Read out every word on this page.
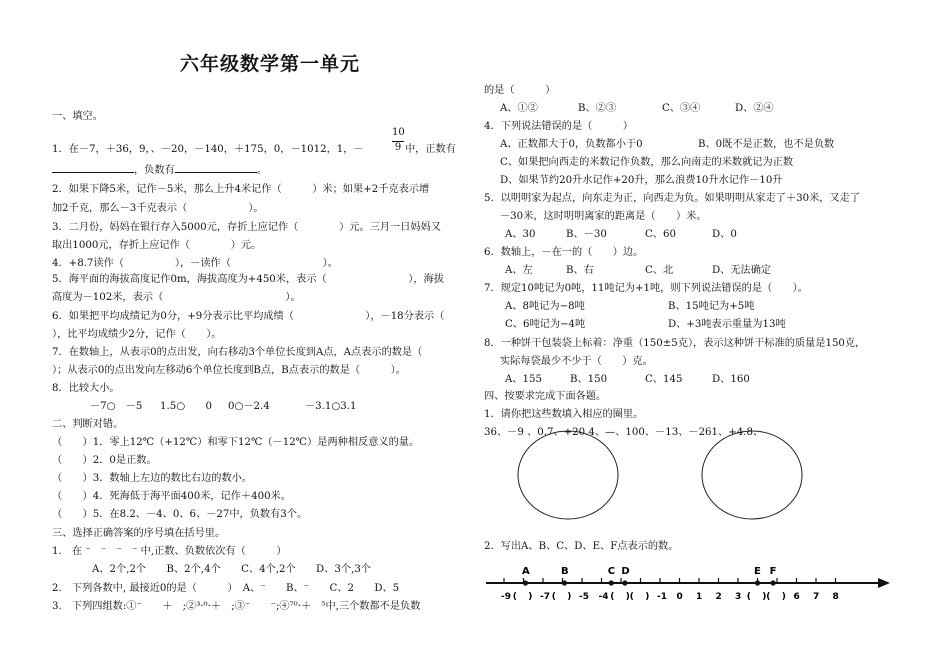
六年级数学第一单元
一、填空。
1．在－7，＋36，9，、－20，－140，＋175，0，－1012，1，－
10
9 中，正数有
，负数有	。
2．如果下降5米，记作－5米，那么上升4米记作（　　　）米；如果+2千克表示增
加2千克，那么－3千克表示（　　　　　　）。
3．二月份，妈妈在银行存入5000元，存折上应记作（　　　　）元。三月一日妈妈又
取出1000元，存折上应记作（　　　　）元。
4．+8.7读作（　　　　　），－读作（　　　　　　　　　）。
5．海平面的海拔高度记作0m，海拔高度为+450米，表示（　　　　　　　　），海拔
高度为－102米，表示（　　　　　　　　　　　　）。
6．如果把平均成绩记为0分，+9分表示比平均成绩（　　　　　　　），－18分表示（
），比平均成绩少2分，记作（　　）。
7．在数轴上，从表示0的点出发，向右移动3个单位长度到A点，A点表示的数是（
）；从表示0的点出发向左移动6个单位长度到B点，B点表示的数是（　　　）。
8．比较大小。
－7○　－5 1.5○　　0 0○－2.4	－3.1○3.1
二、判断对错。
（　　）1．零上12℃（+12℃）和零下12℃（－12℃）是两种相反意义的量。
（　　）2．0是正数。
（　　）3．数轴上左边的数比右边的数小。
（　　）4．死海低于海平面400米，记作＋400米。
（　　）5．在8.2、－4、0、6、－27中，负数有3个。
三、选择正确答案的序号填在括号里。
1.　在 ⁻　⁻　⁻　⁻ 中,正数、负数依次有（　　　）
A、2个,2个　　B、2个,4个　　C、4个,2个　　D、3个,3个
2.　下列各数中, 最接近0的是（　　　）　A、⁻　　B、⁻　　C、2　　D、5
3.　下列四组数:①⁻　　＋　;②³·⁰·＋　;③⁻　　⁻;④⁷⁰·＋　⁵中,三个数都不是负数
的是（　　　）
A、①②	B、②③	C、③④	D、②④
4．下列说法错误的是（　　　）
A、正数都大于0，负数都小于0	B、0既不是正数，也不是负数
C、如果把向西走的米数记作负数，那么向南走的米数就记为正数
D、如果节约20升水记作+20升，那么浪费10升水记作－10升
5．以明明家为起点，向东走为正，向西走为负。如果明明从家走了＋30米，又走了
－30米，这时明明离家的距离是（　　）米。
A、30	B、－30	C、60	D、0
6．数轴上，－在一的（　　）边。
A、左	B、右	C、北	D、无法确定
7．规定10吨记为0吨，11吨记为+1吨，则下列说法错误的是（　　）。
A、8吨记为−8吨	B、15吨记为+5吨
C、6吨记为−4吨	D、+3吨表示重量为13吨
8．一种饼干包装袋上标着：净重（150±5克），表示这种饼干标准的质量是150克，
实际每袋最少不少于（　　）克。
A、155	B、150	C、145	D、160
四、按要求完成下面各题。
1．请你把这些数填入相应的圈里。
36、－9 、0.7、+20.4、—、100、－13、－261、+4.8、
2．写出A、B、C、D、E、F点表示的数。
-9 ( ) -7 ( ) -5 -4 ( ) ( ) -1 0 1 2 3 ( ) ( ) 6 7 8
A	B	C D	E F
